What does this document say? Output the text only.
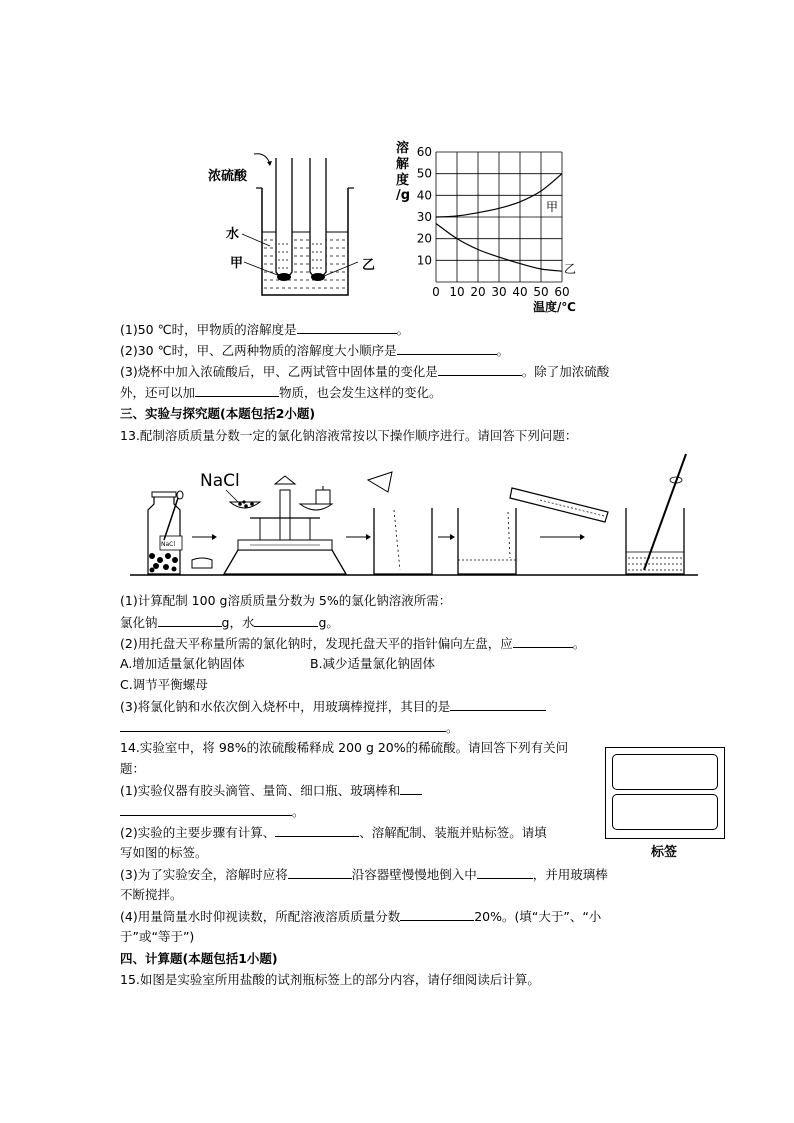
浓硫酸
水
甲	乙
0 10 20 30 40 50 60
10
20
30
40
50
60
溶
解
度
/g
温度/℃
甲
乙
(1)50 ℃时，甲物质的溶解度是	。
(2)30 ℃时，甲、乙两种物质的溶解度大小顺序是	。
(3)烧杯中加入浓硫酸后，甲、乙两试管中固体量的变化是	。除了加浓硫酸
外，还可以加	物质，也会发生这样的变化。
三、实验与探究题(本题包括2小题)
13.配制溶质质量分数一定的氯化钠溶液常按以下操作顺序进行。请回答下列问题：
NaCl
NaCl
(1)计算配制 100 g溶质质量分数为 5%的氯化钠溶液所需：
氯化钠	g，水	g。
(2)用托盘天平称量所需的氯化钠时，发现托盘天平的指针偏向左盘，应	。
A.增加适量氯化钠固体	B.减少适量氯化钠固体
C.调节平衡螺母
(3)将氯化钠和水依次倒入烧杯中，用玻璃棒搅拌，其目的是
。
14.实验室中，将 98%的浓硫酸稀释成 200 g 20%的稀硫酸。请回答下列有关问
题：
(1)实验仪器有胶头滴管、量筒、细口瓶、玻璃棒和
。
(2)实验的主要步骤有计算、	、溶解配制、装瓶并贴标签。请填
写如图的标签。
(3)为了实验安全，溶解时应将	沿容器壁慢慢地倒入中	，并用玻璃棒
不断搅拌。
(4)用量筒量水时仰视读数，所配溶液溶质质量分数	20%。(填“大于”、“小
于”或“等于”)
标签
四、计算题(本题包括1小题)
15.如图是实验室所用盐酸的试剂瓶标签上的部分内容，请仔细阅读后计算。
